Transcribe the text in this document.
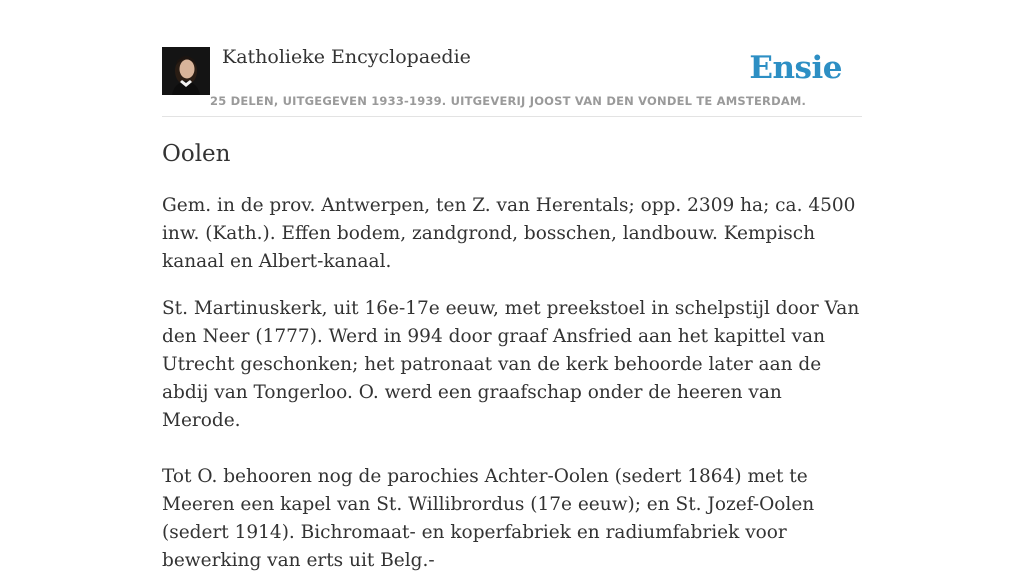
Katholieke Encyclopaedie
25 DELEN, UITGEGEVEN 1933-1939. UITGEVERIJ JOOST VAN DEN VONDEL TE AMSTERDAM.
Ensie
Oolen

Gem. in de prov. Antwerpen, ten Z. van Herentals; opp. 2309 ha; ca. 4500 inw. (Kath.). Effen bodem, zandgrond, bosschen, landbouw. Kempisch kanaal en Albert-kanaal.

St. Martinuskerk, uit 16e-17e eeuw, met preekstoel in schelpstijl door Van den Neer (1777). Werd in 994 door graaf Ansfried aan het kapittel van Utrecht geschonken; het patronaat van de kerk behoorde later aan de abdij van Tongerloo. O. werd een graafschap onder de heeren van Merode.

Tot O. behooren nog de parochies Achter-Oolen (sedert 1864) met te Meeren een kapel van St. Willibrordus (17e eeuw); en St. Jozef-Oolen (sedert 1914). Bichromaat- en koperfabriek en radiumfabriek voor bewerking van erts uit Belg.-
